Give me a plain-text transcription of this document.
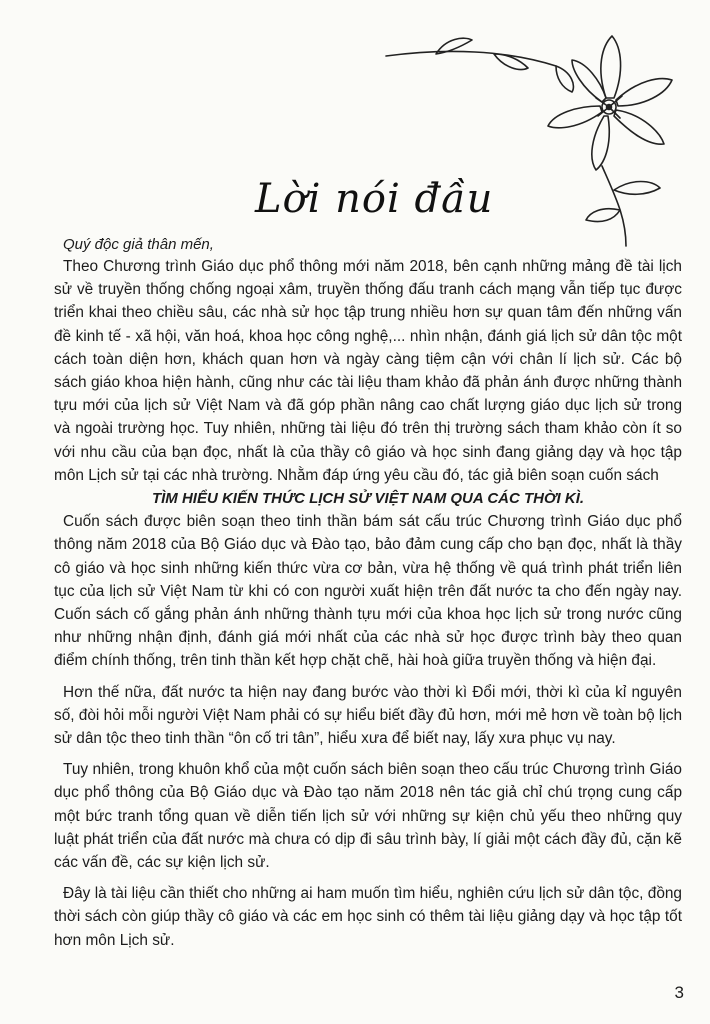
Lời nói đầu
Quý độc giả thân mến,

Theo Chương trình Giáo dục phổ thông mới năm 2018, bên cạnh những mảng đề tài lịch sử về truyền thống chống ngoại xâm, truyền thống đấu tranh cách mạng vẫn tiếp tục được triển khai theo chiều sâu, các nhà sử học tập trung nhiều hơn sự quan tâm đến những vấn đề kinh tế - xã hội, văn hoá, khoa học công nghệ,... nhìn nhận, đánh giá lịch sử dân tộc một cách toàn diện hơn, khách quan hơn và ngày càng tiệm cận với chân lí lịch sử. Các bộ sách giáo khoa hiện hành, cũng như các tài liệu tham khảo đã phản ánh được những thành tựu mới của lịch sử Việt Nam và đã góp phần nâng cao chất lượng giáo dục lịch sử trong và ngoài trường học. Tuy nhiên, những tài liệu đó trên thị trường sách tham khảo còn ít so với nhu cầu của bạn đọc, nhất là của thầy cô giáo và học sinh đang giảng dạy và học tập môn Lịch sử tại các nhà trường. Nhằm đáp ứng yêu cầu đó, tác giả biên soạn cuốn sách

TÌM HIỂU KIẾN THỨC LỊCH SỬ VIỆT NAM QUA CÁC THỜI KÌ.

Cuốn sách được biên soạn theo tinh thần bám sát cấu trúc Chương trình Giáo dục phổ thông năm 2018 của Bộ Giáo dục và Đào tạo, bảo đảm cung cấp cho bạn đọc, nhất là thầy cô giáo và học sinh những kiến thức vừa cơ bản, vừa hệ thống về quá trình phát triển liên tục của lịch sử Việt Nam từ khi có con người xuất hiện trên đất nước ta cho đến ngày nay. Cuốn sách cố gắng phản ánh những thành tựu mới của khoa học lịch sử trong nước cũng như những nhận định, đánh giá mới nhất của các nhà sử học được trình bày theo quan điểm chính thống, trên tinh thần kết hợp chặt chẽ, hài hoà giữa truyền thống và hiện đại.

Hơn thế nữa, đất nước ta hiện nay đang bước vào thời kì Đổi mới, thời kì của kỉ nguyên số, đòi hỏi mỗi người Việt Nam phải có sự hiểu biết đầy đủ hơn, mới mẻ hơn về toàn bộ lịch sử dân tộc theo tinh thần “ôn cố tri tân”, hiểu xưa để biết nay, lấy xưa phục vụ nay.

Tuy nhiên, trong khuôn khổ của một cuốn sách biên soạn theo cấu trúc Chương trình Giáo dục phổ thông của Bộ Giáo dục và Đào tạo năm 2018 nên tác giả chỉ chú trọng cung cấp một bức tranh tổng quan về diễn tiến lịch sử với những sự kiện chủ yếu theo những quy luật phát triển của đất nước mà chưa có dịp đi sâu trình bày, lí giải một cách đầy đủ, cặn kẽ các vấn đề, các sự kiện lịch sử.

Đây là tài liệu cần thiết cho những ai ham muốn tìm hiểu, nghiên cứu lịch sử dân tộc, đồng thời sách còn giúp thầy cô giáo và các em học sinh có thêm tài liệu giảng dạy và học tập tốt hơn môn Lịch sử.

3
